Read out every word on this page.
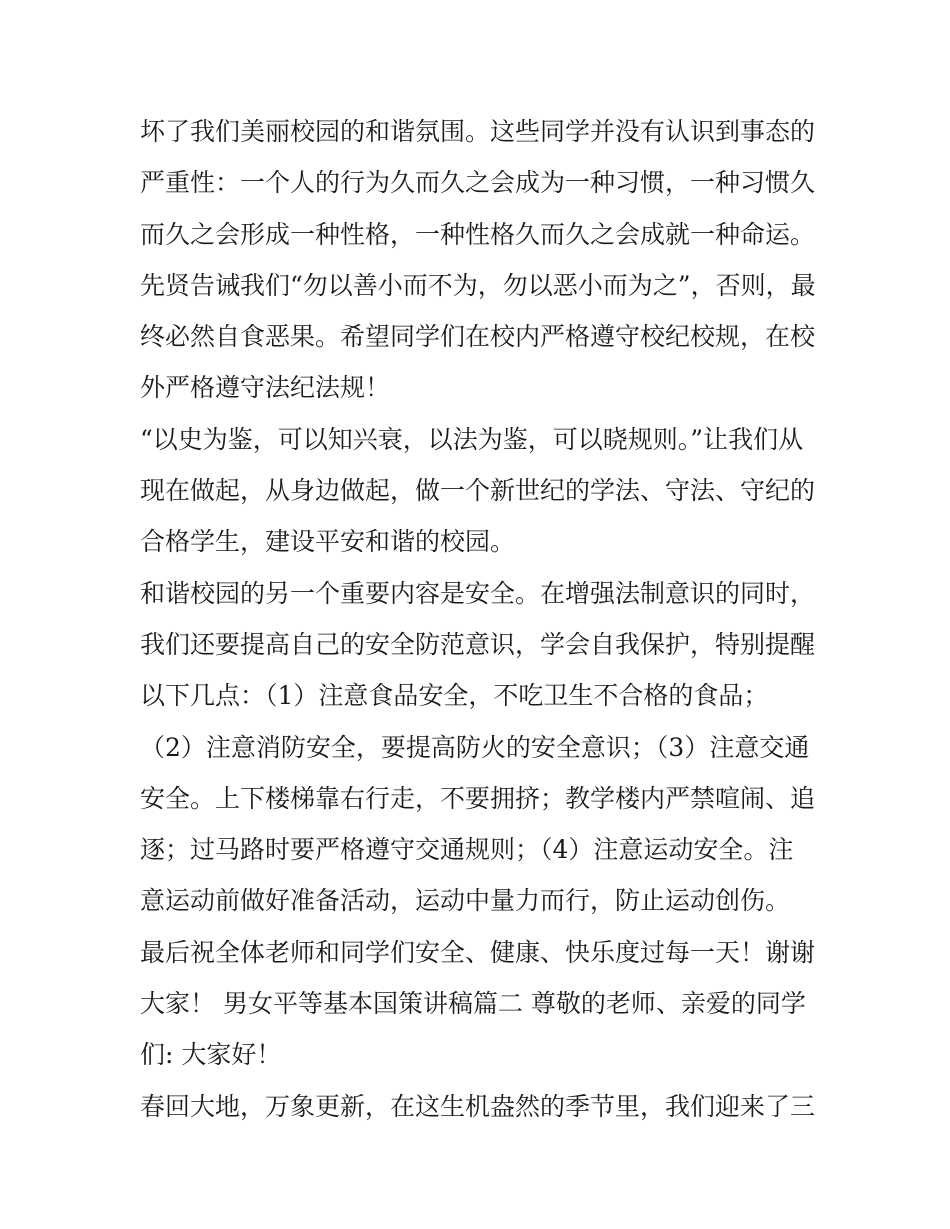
坏了我们美丽校园的和谐氛围。这些同学并没有认识到事态的
严重性：一个人的行为久而久之会成为一种习惯，一种习惯久
而久之会形成一种性格，一种性格久而久之会成就一种命运。
先贤告诫我们“勿以善小而不为，勿以恶小而为之”，否则，最
终必然自食恶果。希望同学们在校内严格遵守校纪校规，在校
外严格遵守法纪法规！
“以史为鉴，可以知兴衰，以法为鉴，可以晓规则。”让我们从
现在做起，从身边做起，做一个新世纪的学法、守法、守纪的
合格学生，建设平安和谐的校园。
和谐校园的另一个重要内容是安全。在增强法制意识的同时，
我们还要提高自己的安全防范意识，学会自我保护，特别提醒
以下几点：（1）注意食品安全，不吃卫生不合格的食品；
（2）注意消防安全，要提高防火的安全意识；（3）注意交通
安全。上下楼梯靠右行走，不要拥挤；教学楼内严禁喧闹、追
逐；过马路时要严格遵守交通规则；（4）注意运动安全。注
意运动前做好准备活动，运动中量力而行，防止运动创伤。
最后祝全体老师和同学们安全、健康、快乐度过每一天！谢谢
大家！ 男女平等基本国策讲稿篇二 尊敬的老师、亲爱的同学
们: 大家好！
春回大地，万象更新，在这生机盎然的季节里，我们迎来了三
